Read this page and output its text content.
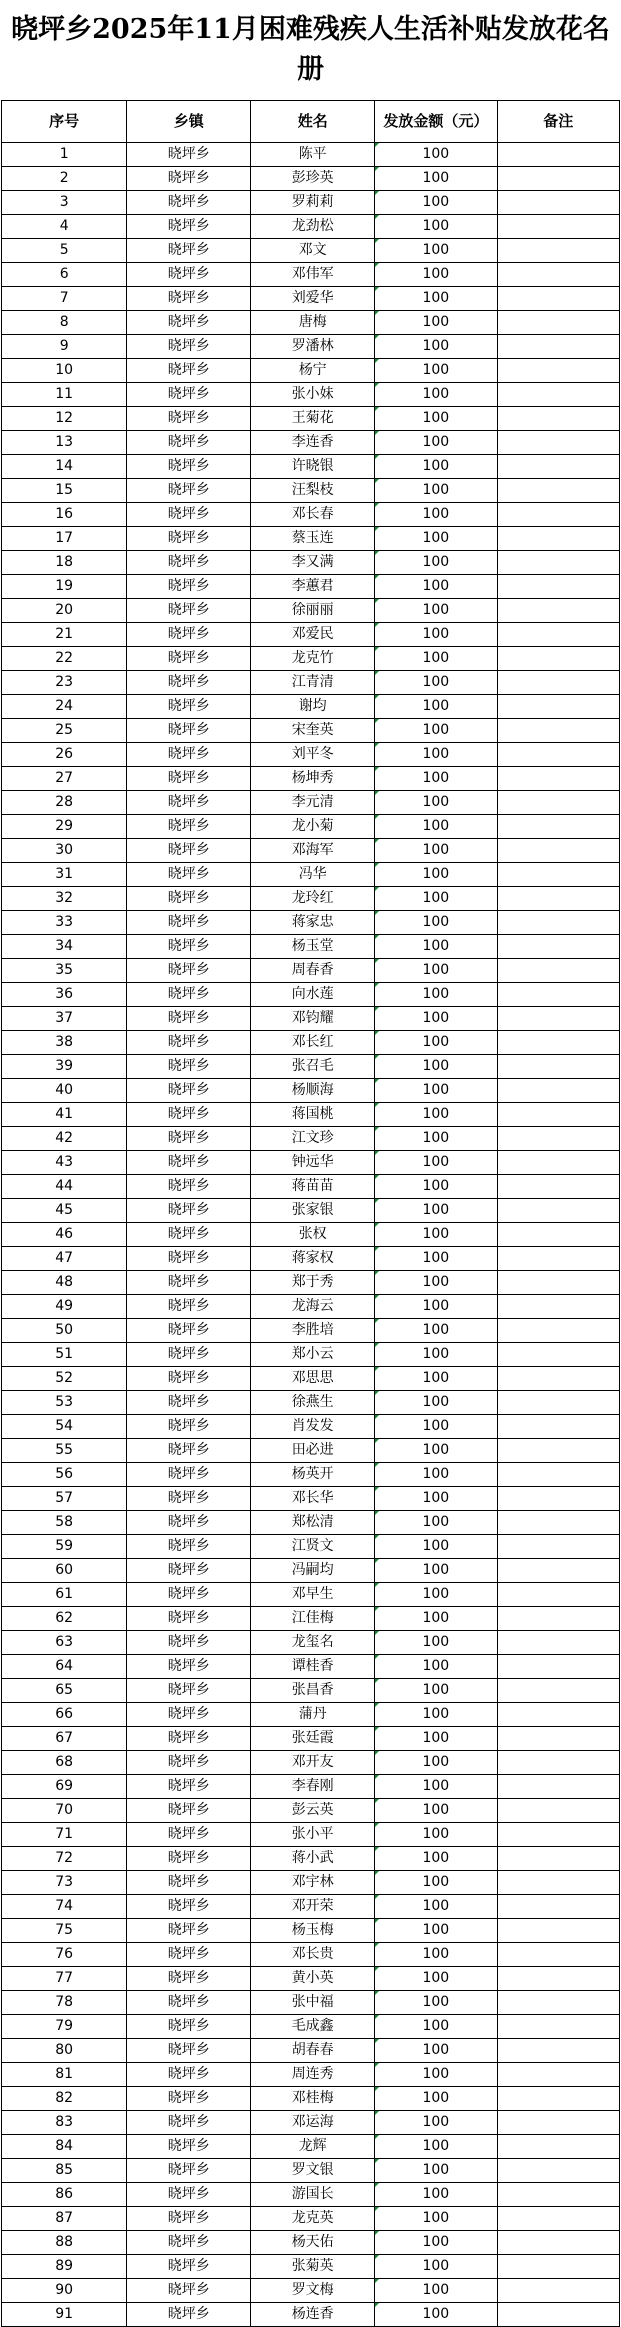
晓坪乡2025年11月困难残疾人生活补贴发放花名册
序号	乡镇	姓名	发放金额（元）	备注
1	晓坪乡	陈平	100	
2	晓坪乡	彭珍英	100	
3	晓坪乡	罗莉莉	100	
4	晓坪乡	龙劲松	100	
5	晓坪乡	邓文	100	
6	晓坪乡	邓伟军	100	
7	晓坪乡	刘爱华	100	
8	晓坪乡	唐梅	100	
9	晓坪乡	罗潘林	100	
10	晓坪乡	杨宁	100	
11	晓坪乡	张小妹	100	
12	晓坪乡	王菊花	100	
13	晓坪乡	李连香	100	
14	晓坪乡	许晓银	100	
15	晓坪乡	汪梨枝	100	
16	晓坪乡	邓长春	100	
17	晓坪乡	蔡玉连	100	
18	晓坪乡	李又满	100	
19	晓坪乡	李蕙君	100	
20	晓坪乡	徐丽丽	100	
21	晓坪乡	邓爱民	100	
22	晓坪乡	龙克竹	100	
23	晓坪乡	江青清	100	
24	晓坪乡	谢均	100	
25	晓坪乡	宋奎英	100	
26	晓坪乡	刘平冬	100	
27	晓坪乡	杨坤秀	100	
28	晓坪乡	李元清	100	
29	晓坪乡	龙小菊	100	
30	晓坪乡	邓海军	100	
31	晓坪乡	冯华	100	
32	晓坪乡	龙玲红	100	
33	晓坪乡	蒋家忠	100	
34	晓坪乡	杨玉堂	100	
35	晓坪乡	周春香	100	
36	晓坪乡	向水莲	100	
37	晓坪乡	邓钧耀	100	
38	晓坪乡	邓长红	100	
39	晓坪乡	张召毛	100	
40	晓坪乡	杨顺海	100	
41	晓坪乡	蒋国桃	100	
42	晓坪乡	江文珍	100	
43	晓坪乡	钟远华	100	
44	晓坪乡	蒋苗苗	100	
45	晓坪乡	张家银	100	
46	晓坪乡	张权	100	
47	晓坪乡	蒋家权	100	
48	晓坪乡	郑于秀	100	
49	晓坪乡	龙海云	100	
50	晓坪乡	李胜培	100	
51	晓坪乡	郑小云	100	
52	晓坪乡	邓思思	100	
53	晓坪乡	徐燕生	100	
54	晓坪乡	肖发发	100	
55	晓坪乡	田必进	100	
56	晓坪乡	杨英开	100	
57	晓坪乡	邓长华	100	
58	晓坪乡	郑松清	100	
59	晓坪乡	江贤文	100	
60	晓坪乡	冯嗣均	100	
61	晓坪乡	邓早生	100	
62	晓坪乡	江佳梅	100	
63	晓坪乡	龙玺名	100	
64	晓坪乡	谭桂香	100	
65	晓坪乡	张昌香	100	
66	晓坪乡	蒲丹	100	
67	晓坪乡	张廷霞	100	
68	晓坪乡	邓开友	100	
69	晓坪乡	李春刚	100	
70	晓坪乡	彭云英	100	
71	晓坪乡	张小平	100	
72	晓坪乡	蒋小武	100	
73	晓坪乡	邓宇林	100	
74	晓坪乡	邓开荣	100	
75	晓坪乡	杨玉梅	100	
76	晓坪乡	邓长贵	100	
77	晓坪乡	黄小英	100	
78	晓坪乡	张中福	100	
79	晓坪乡	毛成鑫	100	
80	晓坪乡	胡春春	100	
81	晓坪乡	周连秀	100	
82	晓坪乡	邓桂梅	100	
83	晓坪乡	邓运海	100	
84	晓坪乡	龙辉	100	
85	晓坪乡	罗文银	100	
86	晓坪乡	游国长	100	
87	晓坪乡	龙克英	100	
88	晓坪乡	杨天佑	100	
89	晓坪乡	张菊英	100	
90	晓坪乡	罗文梅	100	
91	晓坪乡	杨连香	100	
